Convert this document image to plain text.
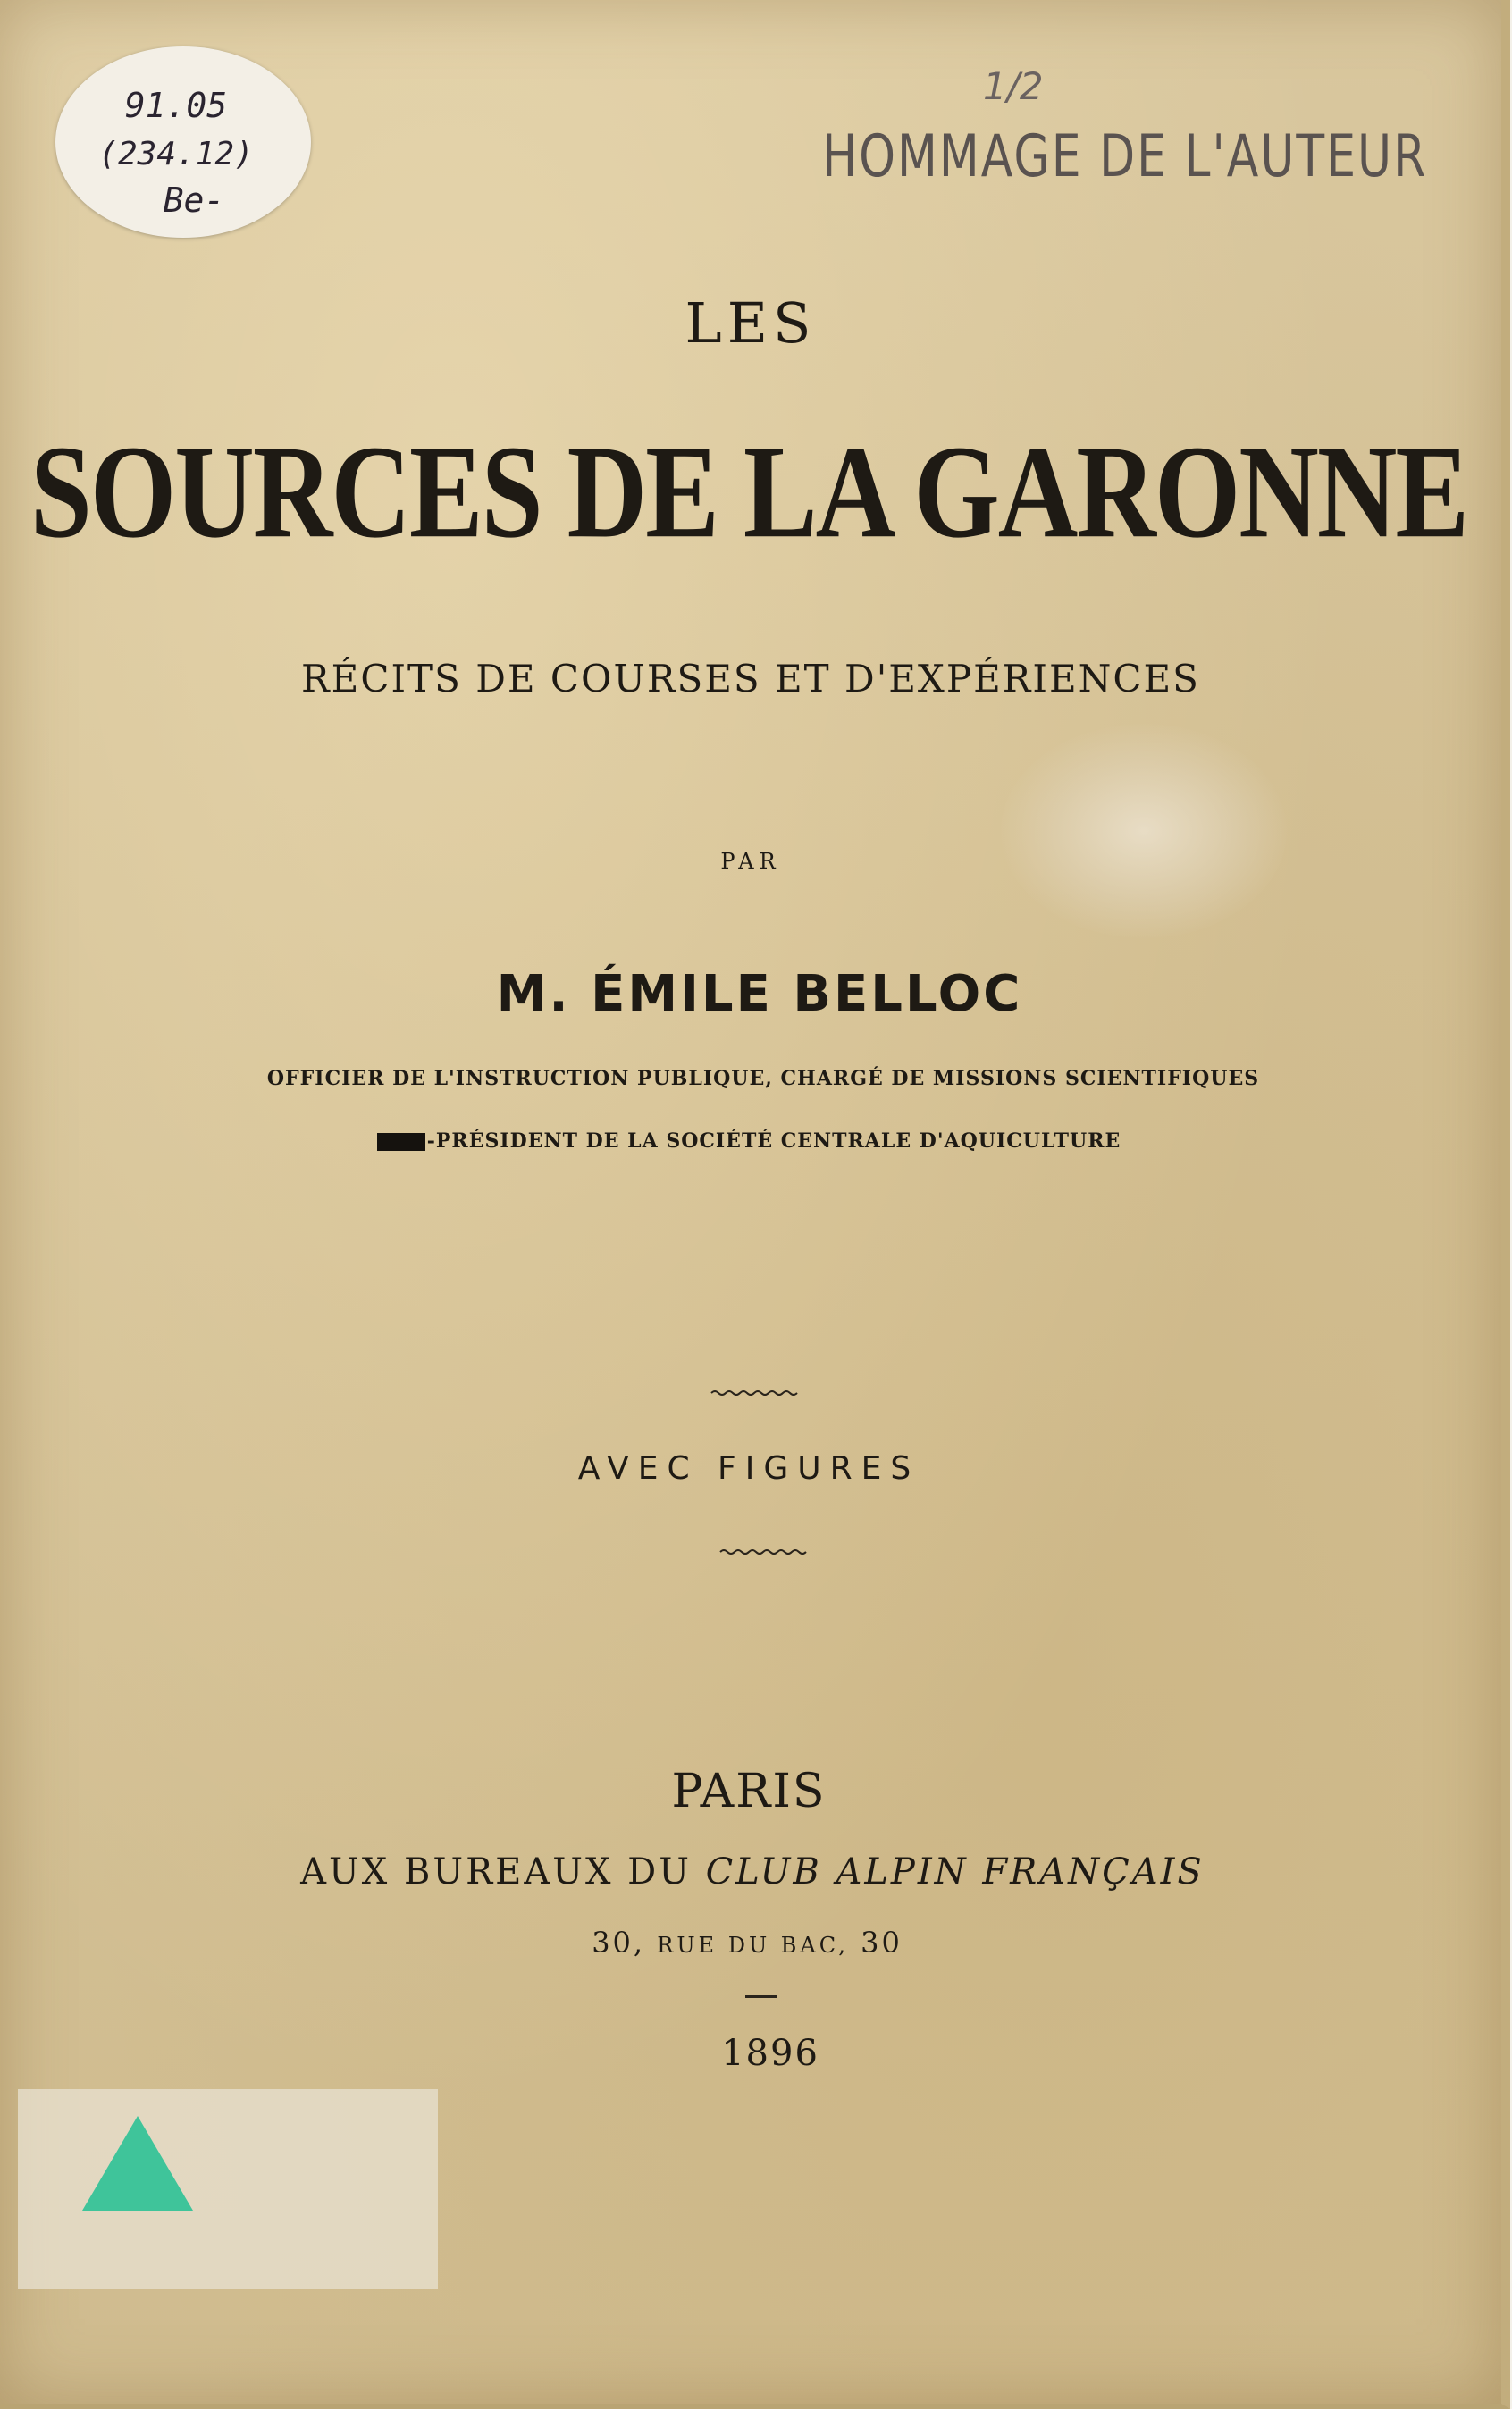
91.05
(234.12)
Be-
1/2
HOMMAGE DE L'AUTEUR
LES
SOURCES DE LA GARONNE
RÉCITS DE COURSES ET D'EXPÉRIENCES
PAR
M. ÉMILE BELLOC
OFFICIER DE L'INSTRUCTION PUBLIQUE, CHARGÉ DE MISSIONS SCIENTIFIQUES
-PRÉSIDENT DE LA SOCIÉTÉ CENTRALE D'AQUICULTURE
AVEC FIGURES
PARIS
AUX BUREAUX DU CLUB ALPIN FRANÇAIS
30, RUE DU BAC, 30
1896
